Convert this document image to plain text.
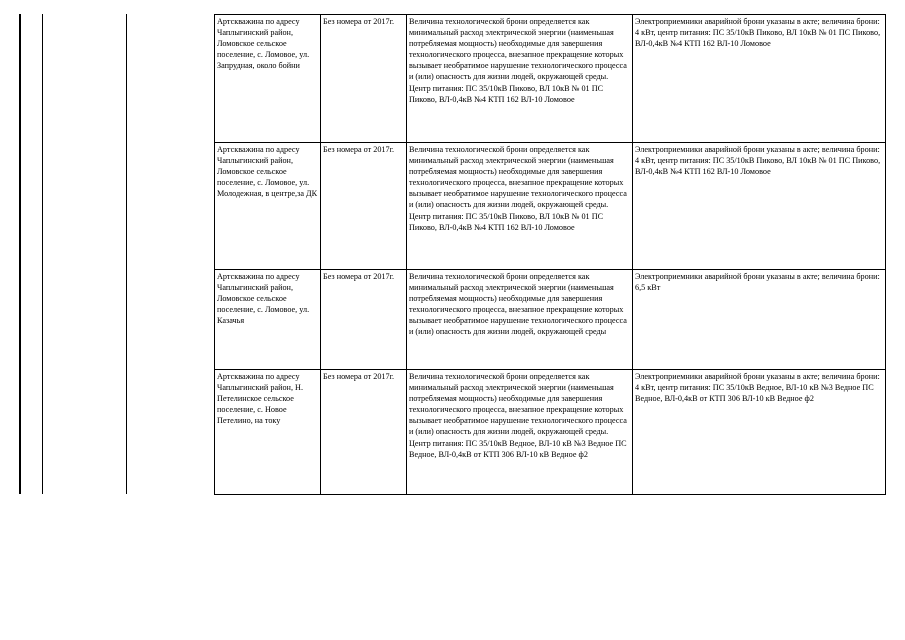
Артскважина по адресу Чаплыгинский район, Ломовское сельское поселение, с. Ломовое, ул. Запрудная, около бойни	Без номера от 2017г.	Величина технологической брони определяется как минимальный расход электрической энергии (наименьшая потребляемая мощность) необходимые для завершения технологического процесса, внезапное прекращение которых вызывает необратимое нарушение технологического процесса и (или) опасность для жизни людей, окружающей среды. Центр питания: ПС 35/10кВ Пиково, ВЛ 10кВ № 01 ПС Пиково, ВЛ-0,4кВ №4 КТП 162 ВЛ-10 Ломовое	Электроприемники аварийной брони указаны в акте; величина брони: 4 кВт, центр питания: ПС 35/10кВ Пиково, ВЛ 10кВ № 01 ПС Пиково, ВЛ-0,4кВ №4 КТП 162 ВЛ-10 Ломовое
Артскважина по адресу Чаплыгинский район, Ломовское сельское поселение, с. Ломовое, ул. Молодежная, в центре,за ДК	Без номера от 2017г.	Величина технологической брони определяется как минимальный расход электрической энергии (наименьшая потребляемая мощность) необходимые для завершения технологического процесса, внезапное прекращение которых вызывает необратимое нарушение технологического процесса и (или) опасность для жизни людей, окружающей среды. Центр питания: ПС 35/10кВ Пиково, ВЛ 10кВ № 01 ПС Пиково, ВЛ-0,4кВ №4 КТП 162 ВЛ-10 Ломовое	Электроприемники аварийной брони указаны в акте; величина брони: 4 кВт, центр питания: ПС 35/10кВ Пиково, ВЛ 10кВ № 01 ПС Пиково, ВЛ-0,4кВ №4 КТП 162 ВЛ-10 Ломовое
Артскважина по адресу Чаплыгинский район, Ломовское сельское поселение, с. Ломовое, ул. Казачья	Без номера от 2017г.	Величина технологической брони определяется как минимальный расход электрической энергии (наименьшая потребляемая мощность) необходимые для завершения технологического процесса, внезапное прекращение которых вызывает необратимое нарушение технологического процесса и (или) опасность для жизни людей, окружающей среды	Электроприемники аварийной брони указаны в акте; величина брони: 6,5 кВт
Артскважина по адресу Чаплыгинский район, Н. Петелинское сельское поселение, с. Новое Петелино, на току	Без номера от 2017г.	Величина технологической брони определяется как минимальный расход электрической энергии (наименьшая потребляемая мощность) необходимые для завершения технологического процесса, внезапное прекращение которых вызывает необратимое нарушение технологического процесса и (или) опасность для жизни людей, окружающей среды. Центр питания: ПС 35/10кВ Ведное, ВЛ-10 кВ №3 Ведное ПС Ведное, ВЛ-0,4кВ от КТП 306 ВЛ-10 кВ Ведное ф2	Электроприемники аварийной брони указаны в акте; величина брони: 4 кВт, центр питания: ПС 35/10кВ Ведное, ВЛ-10 кВ №3 Ведное ПС Ведное, ВЛ-0,4кВ от КТП 306 ВЛ-10 кВ Ведное ф2
